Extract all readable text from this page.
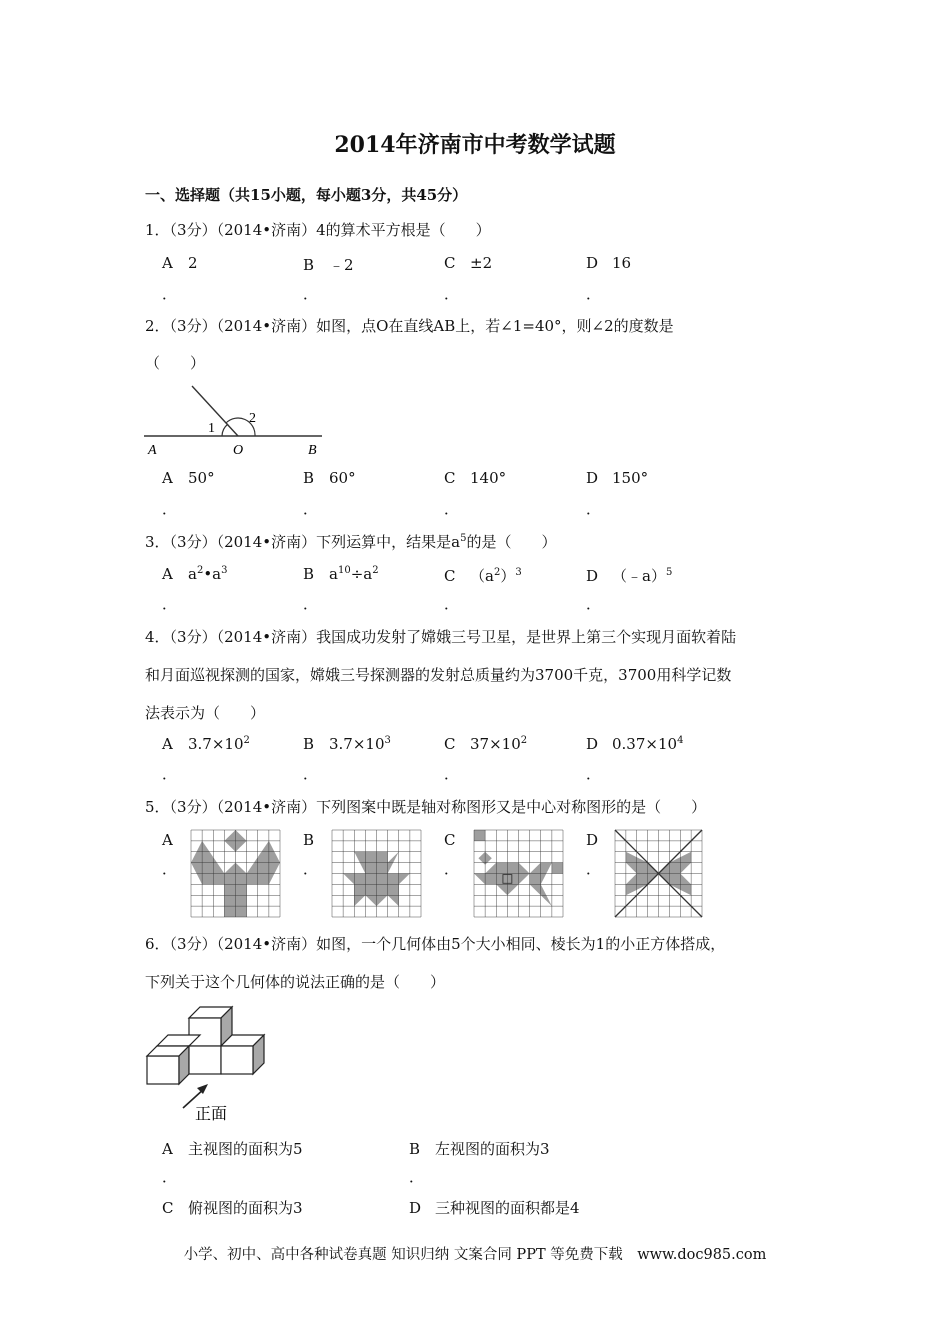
2014年济南市中考数学试题
一、选择题（共15小题，每小题3分，共45分）
1．（3分）（2014•济南）4的算术平方根是（　　）
A 2	B ﹣2	C ±2	D 16
．	．	．	．
2．（3分）（2014•济南）如图，点O在直线AB上，若∠1=40°，则∠2的度数是
（　　）
A	O	B
1
2
A 50°	B 60°	C 140°	D 150°
．	．	．	．
3．（3分）（2014•济南）下列运算中，结果是$a^5$的是（　　）
A $a^2•a^3$	B $a^{10}\div a^2$	C $(a^2)^3$	D （﹣a）$^5$
．	．	．	．
4．（3分）（2014•济南）我国成功发射了嫦娥三号卫星，是世界上第三个实现月面软着陆
和月面巡视探测的国家，嫦娥三号探测器的发射总质量约为3700千克，3700用科学记数
法表示为（　　）
A $3.7\times 10^2$	B $3.7\times 10^3$	C $37\times 10^2$	D $0.37\times 10^4$
．	．	．	．
5．（3分）（2014•济南）下列图案中既是轴对称图形又是中心对称图形的是（　　）
A	B	C	D
．	．	．	．
6．（3分）（2014•济南）如图，一个几何体由5个大小相同、棱长为1的小正方体搭成，
下列关于这个几何体的说法正确的是（　　）
正面
A 主视图的面积为5	B 左视图的面积为3
．	．
C 俯视图的面积为3	D 三种视图的面积都是4
小学、初中、高中各种试卷真题 知识归纳 文案合同 PPT 等免费下载　www.doc985.com
